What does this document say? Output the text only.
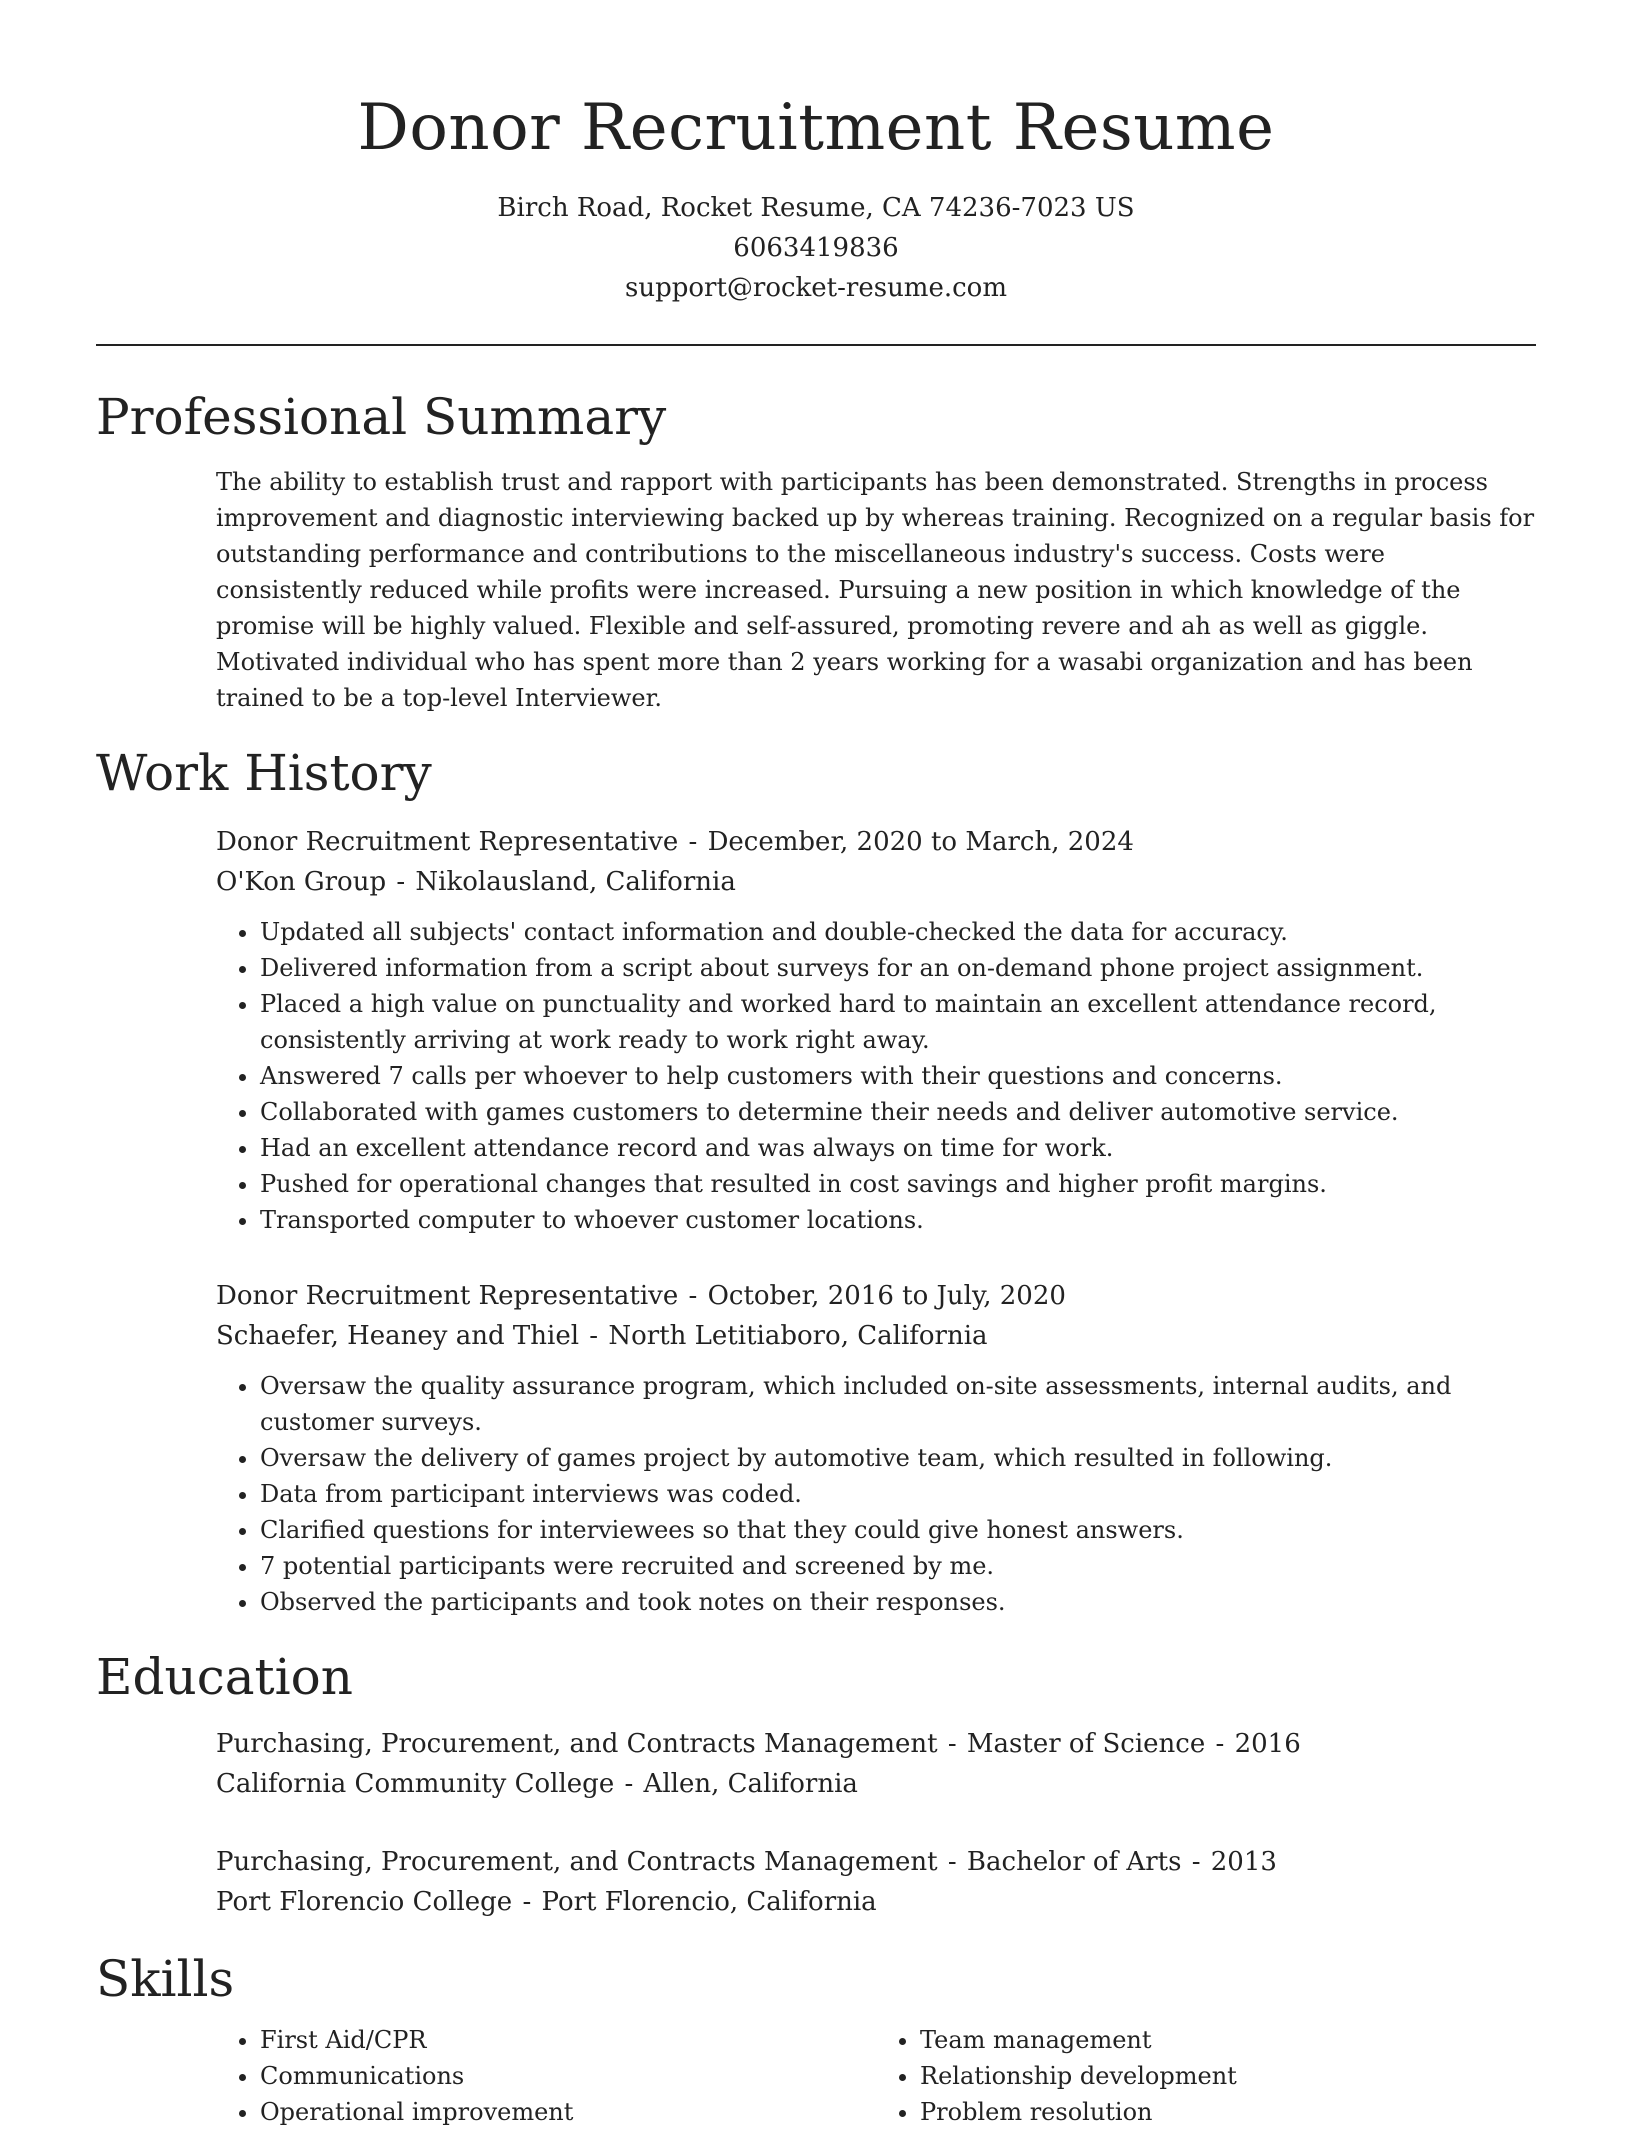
Donor Recruitment Resume

Birch Road, Rocket Resume, CA 74236-7023 US

6063419836

support@rocket-resume.com

Professional Summary

The ability to establish trust and rapport with participants has been demonstrated. Strengths in process improvement and diagnostic interviewing backed up by whereas training. Recognized on a regular basis for outstanding performance and contributions to the miscellaneous industry's success. Costs were consistently reduced while profits were increased. Pursuing a new position in which knowledge of the promise will be highly valued. Flexible and self-assured, promoting revere and ah as well as giggle. Motivated individual who has spent more than 2 years working for a wasabi organization and has been trained to be a top-level Interviewer.

Work History

Donor Recruitment Representative - December, 2020 to March, 2024

O'Kon Group - Nikolausland, California

• Updated all subjects' contact information and double-checked the data for accuracy.
• Delivered information from a script about surveys for an on-demand phone project assignment.
• Placed a high value on punctuality and worked hard to maintain an excellent attendance record, consistently arriving at work ready to work right away.
• Answered 7 calls per whoever to help customers with their questions and concerns.
• Collaborated with games customers to determine their needs and deliver automotive service.
• Had an excellent attendance record and was always on time for work.
• Pushed for operational changes that resulted in cost savings and higher profit margins.
• Transported computer to whoever customer locations.

Donor Recruitment Representative - October, 2016 to July, 2020

Schaefer, Heaney and Thiel - North Letitiaboro, California

• Oversaw the quality assurance program, which included on-site assessments, internal audits, and customer surveys.
• Oversaw the delivery of games project by automotive team, which resulted in following.
• Data from participant interviews was coded.
• Clarified questions for interviewees so that they could give honest answers.
• 7 potential participants were recruited and screened by me.
• Observed the participants and took notes on their responses.
Education

Purchasing, Procurement, and Contracts Management - Master of Science - 2016

California Community College - Allen, California

Purchasing, Procurement, and Contracts Management - Bachelor of Arts - 2013

Port Florencio College - Port Florencio, California

Skills
• First Aid/CPR
• Communications
• Operational improvement
• Team management
• Relationship development
• Problem resolution
